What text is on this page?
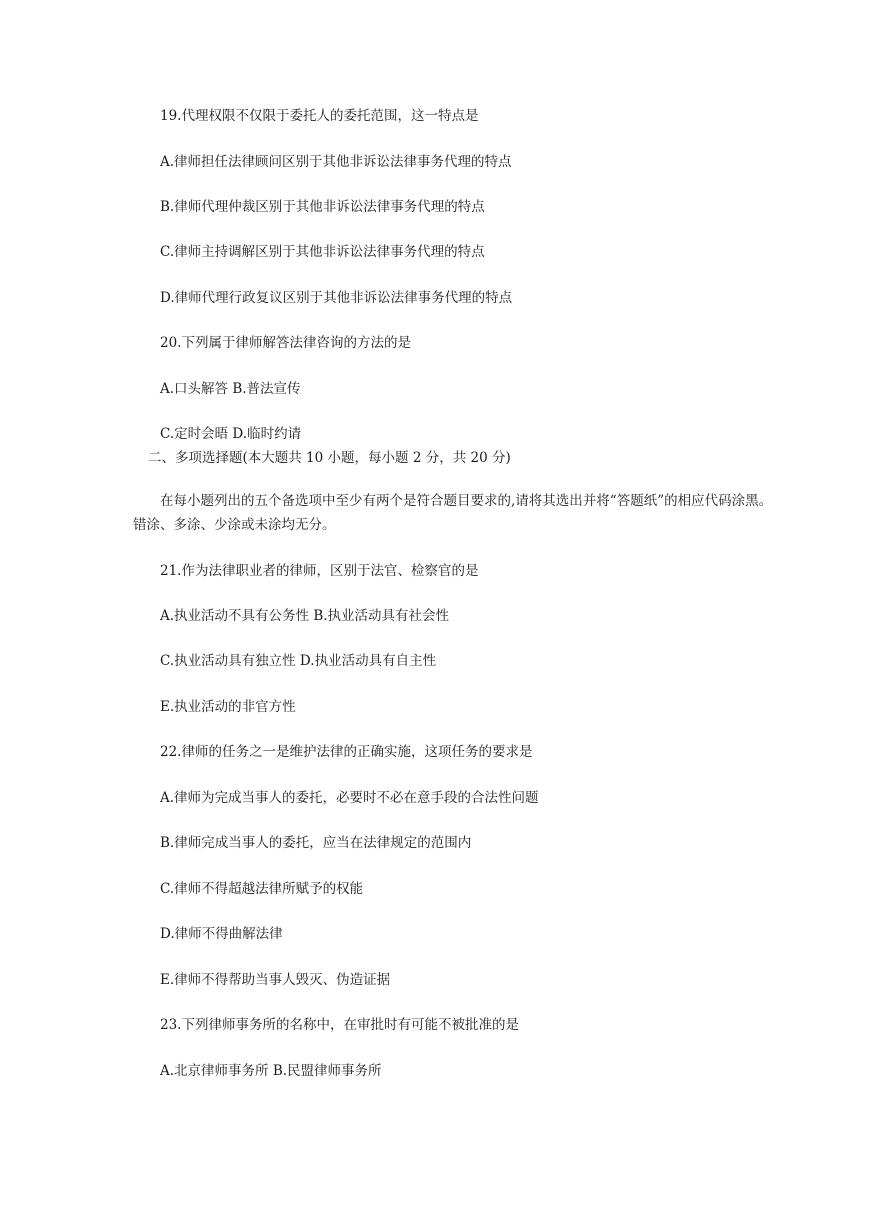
19.代理权限不仅限于委托人的委托范围，这一特点是
A.律师担任法律顾问区别于其他非诉讼法律事务代理的特点
B.律师代理仲裁区别于其他非诉讼法律事务代理的特点
C.律师主持调解区别于其他非诉讼法律事务代理的特点
D.律师代理行政复议区别于其他非诉讼法律事务代理的特点
20.下列属于律师解答法律咨询的方法的是
A.口头解答 B.普法宣传
C.定时会晤 D.临时约请
二、多项选择题(本大题共 10 小题，每小题 2 分，共 20 分)
在每小题列出的五个备选项中至少有两个是符合题目要求的,请将其选出并将“答题纸”的相应代码涂黑。错涂、多涂、少涂或未涂均无分。
21.作为法律职业者的律师，区别于法官、检察官的是
A.执业活动不具有公务性 B.执业活动具有社会性
C.执业活动具有独立性 D.执业活动具有自主性
E.执业活动的非官方性
22.律师的任务之一是维护法律的正确实施，这项任务的要求是
A.律师为完成当事人的委托，必要时不必在意手段的合法性问题
B.律师完成当事人的委托，应当在法律规定的范围内
C.律师不得超越法律所赋予的权能
D.律师不得曲解法律
E.律师不得帮助当事人毁灭、伪造证据
23.下列律师事务所的名称中，在审批时有可能不被批准的是
A.北京律师事务所 B.民盟律师事务所
